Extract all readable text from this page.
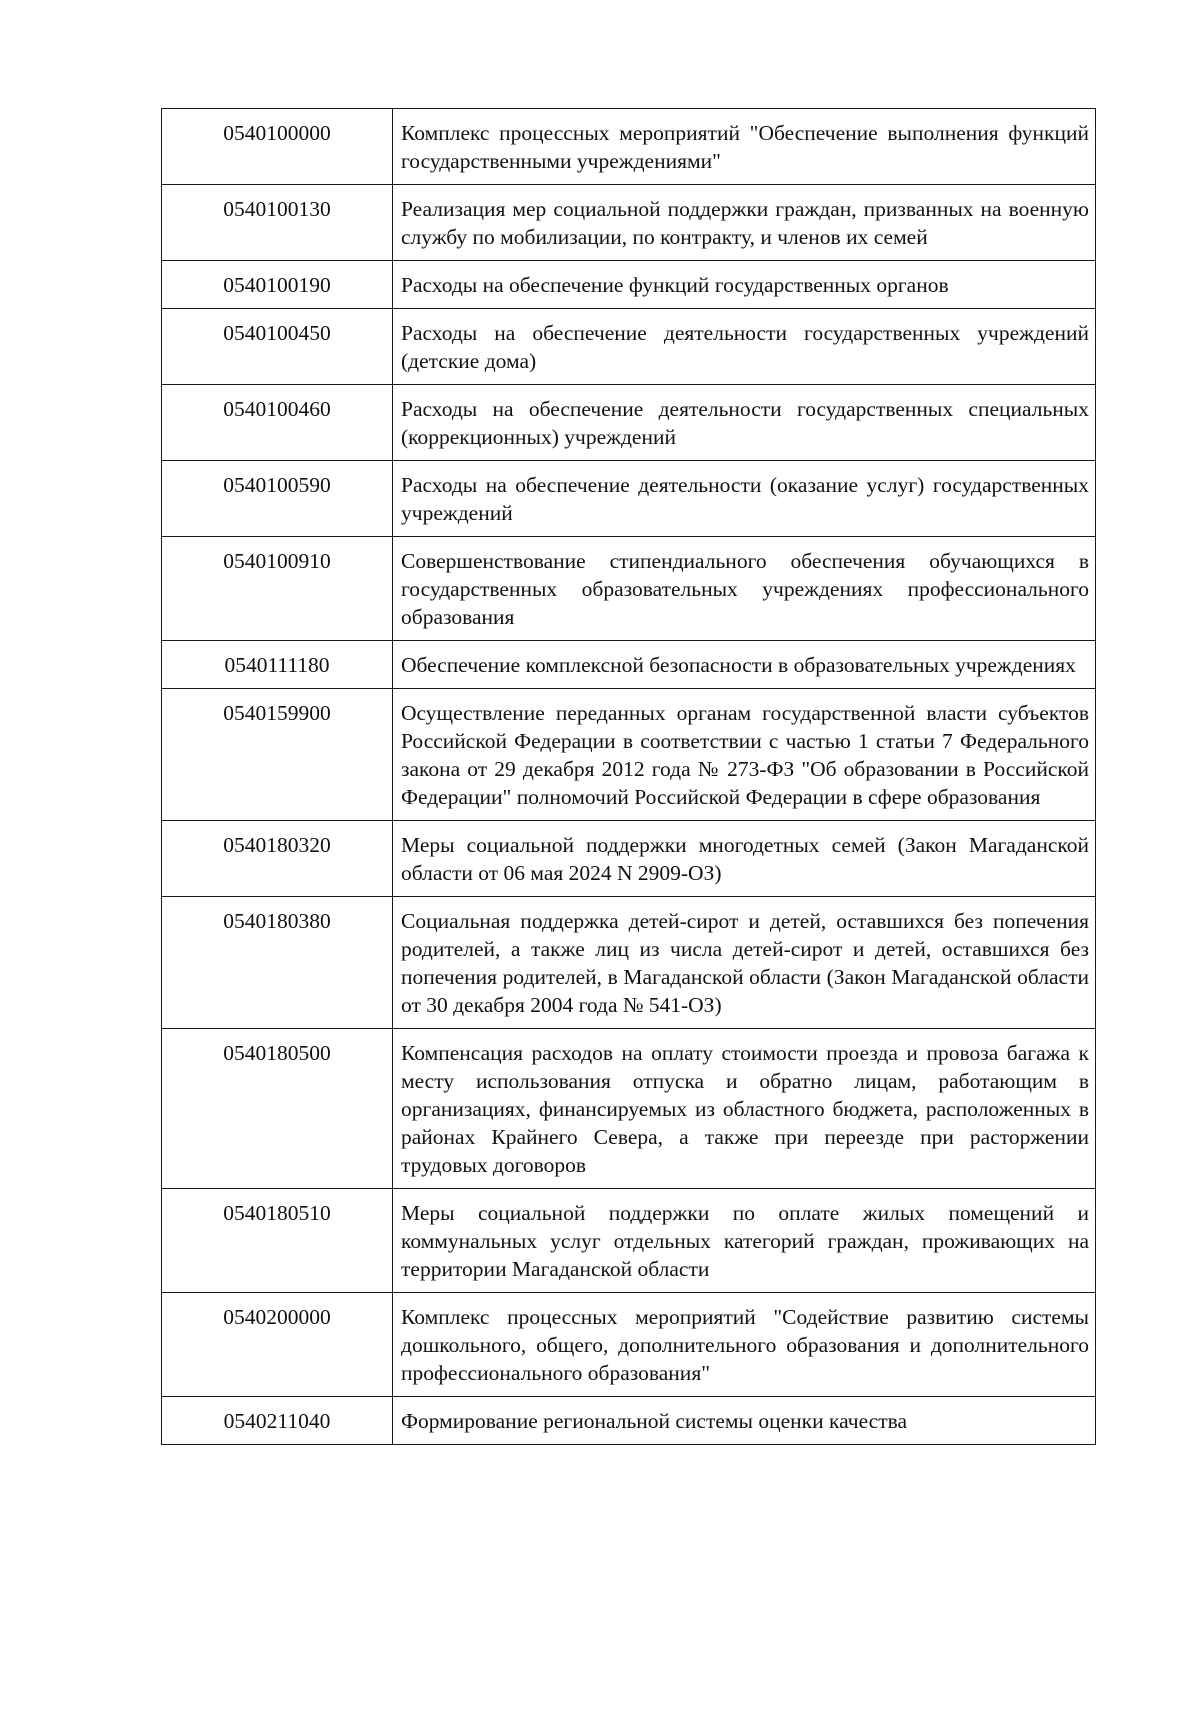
0540100000	Комплекс процессных мероприятий "Обеспечение выполнения функций государственными учреждениями"
0540100130	Реализация мер социальной поддержки граждан, призванных на военную службу по мобилизации, по контракту, и членов их семей
0540100190	Расходы на обеспечение функций государственных органов
0540100450	Расходы на обеспечение деятельности государственных учреждений (детские дома)
0540100460	Расходы на обеспечение деятельности государственных специальных (коррекционных) учреждений
0540100590	Расходы на обеспечение деятельности (оказание услуг) государственных учреждений
0540100910	Совершенствование стипендиального обеспечения обучающихся в государственных образовательных учреждениях профессионального образования
0540111180	Обеспечение комплексной безопасности в образовательных учреждениях
0540159900	Осуществление переданных органам государственной власти субъектов Российской Федерации в соответствии с частью 1 статьи 7 Федерального закона от 29 декабря 2012 года № 273-ФЗ "Об образовании в Российской Федерации" полномочий Российской Федерации в сфере образования
0540180320	Меры социальной поддержки многодетных семей (Закон Магаданской области от 06 мая 2024 N 2909-ОЗ)
0540180380	Социальная поддержка детей-сирот и детей, оставшихся без попечения родителей, а также лиц из числа детей-сирот и детей, оставшихся без попечения родителей, в Магаданской области (Закон Магаданской области от 30 декабря 2004 года № 541-ОЗ)
0540180500	Компенсация расходов на оплату стоимости проезда и провоза багажа к месту использования отпуска и обратно лицам, работающим в организациях, финансируемых из областного бюджета, расположенных в районах Крайнего Севера, а также при переезде при расторжении трудовых договоров
0540180510	Меры социальной поддержки по оплате жилых помещений и коммунальных услуг отдельных категорий граждан, проживающих на территории Магаданской области
0540200000	Комплекс процессных мероприятий "Содействие развитию системы дошкольного, общего, дополнительного образования и дополнительного профессионального образования"
0540211040	Формирование региональной системы оценки качества
